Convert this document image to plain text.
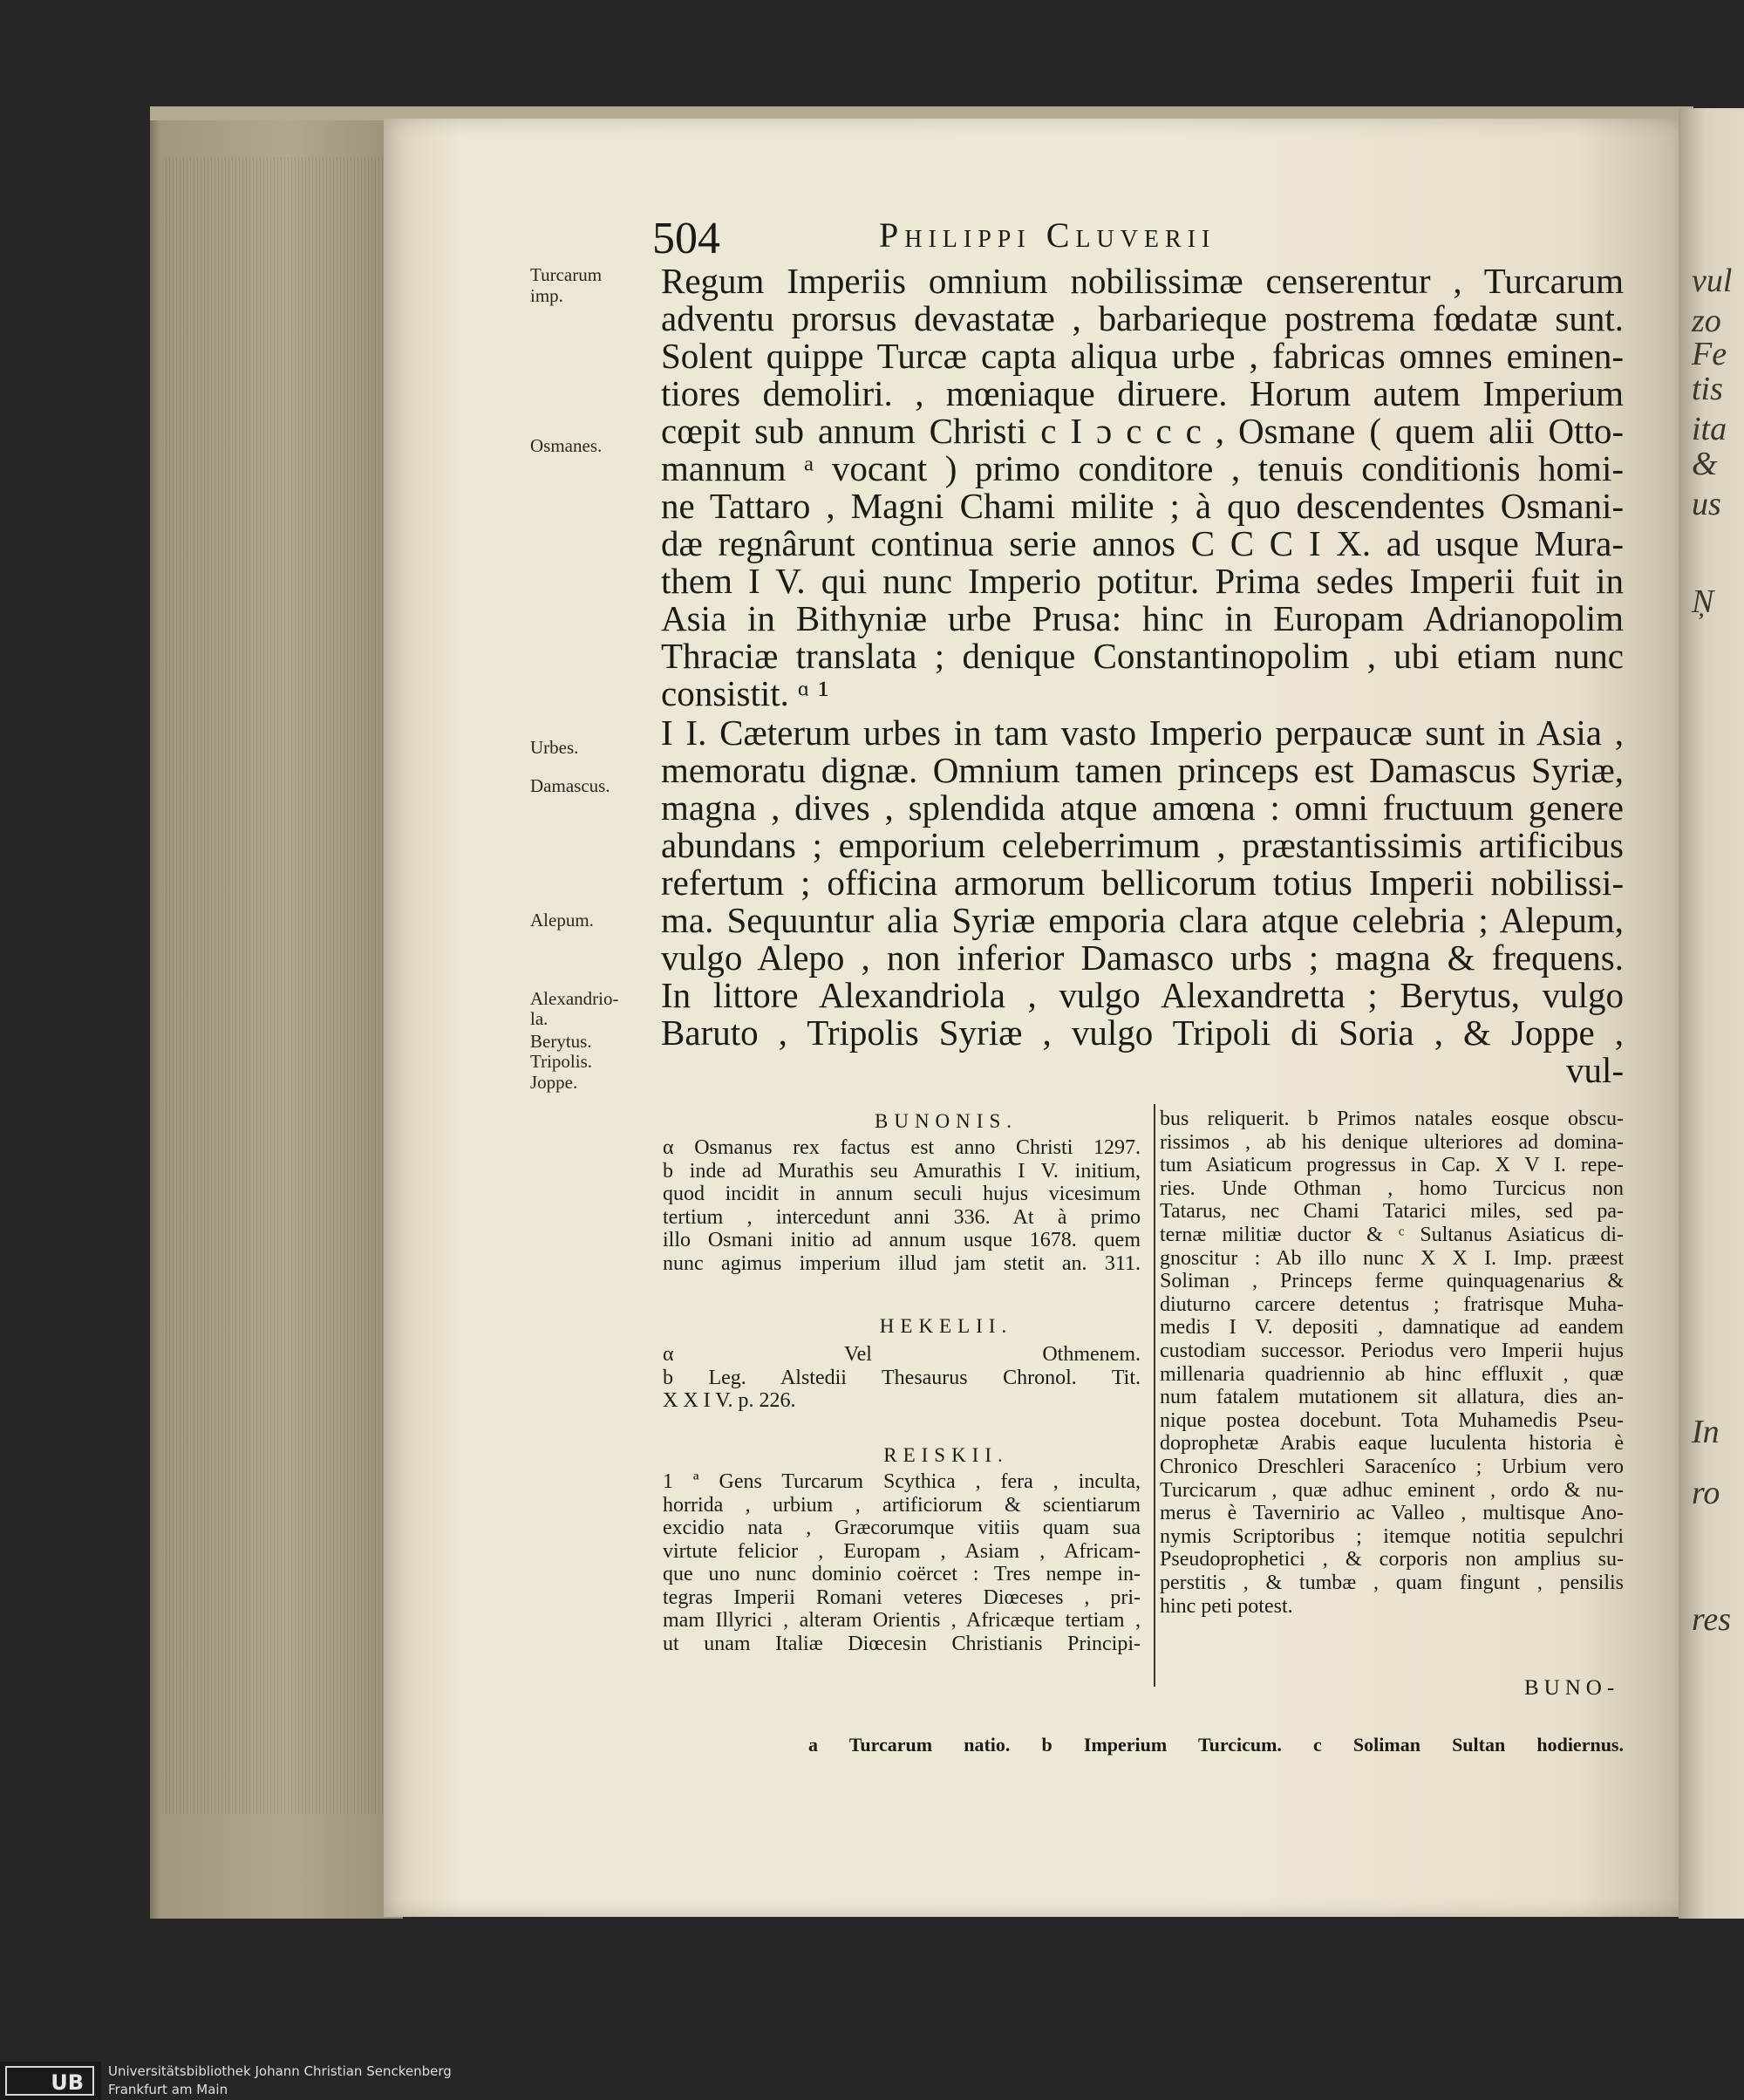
vul
zo
Fe
tis
ita
&
us
Ņ
In
ro
res
504	Philippi Cluverii
Turcarum
imp.
Osmanes.
Urbes.
Damascus.
Alepum.
Alexandrio-
la.
Berytus.
Tripolis.
Joppe.
Regum Imperiis omnium nobilissimæ censerentur , Turcarum
adventu prorsus devastatæ , barbarieque postrema fœdatæ sunt.
Solent quippe Turcæ capta aliqua urbe , fabricas omnes eminen-
tiores demoliri. , mœniaque diruere. Horum autem Imperium
cœpit sub annum Christi c I ɔ c c c , Osmane ( quem alii Otto-
mannum ᵃ vocant ) primo conditore , tenuis conditionis homi-
ne Tattaro , Magni Chami milite ; à quo descendentes Osmani-
dæ regnârunt continua serie annos C C C I X. ad usque Mura-
them I V. qui nunc Imperio potitur. Prima sedes Imperii fuit in
Asia in Bithyniæ urbe Prusa: hinc in Europam Adrianopolim
Thraciæ translata ; denique Constantinopolim , ubi etiam nunc
consistit. ᵅ ¹
I I. Cæterum urbes in tam vasto Imperio perpaucæ sunt in Asia ,
memoratu dignæ. Omnium tamen princeps est Damascus Syriæ,
magna , dives , splendida atque amœna : omni fructuum genere
abundans ; emporium celeberrimum , præstantissimis artificibus
refertum ; officina armorum bellicorum totius Imperii nobilissi-
ma. Sequuntur alia Syriæ emporia clara atque celebria ; Alepum,
vulgo Alepo , non inferior Damasco urbs ; magna & frequens.
In littore Alexandriola , vulgo Alexandretta ; Berytus, vulgo
Baruto , Tripolis Syriæ , vulgo Tripoli di Soria , & Joppe ,
vul-
BUNONIS.
α Osmanus rex factus est anno Christi 1297.
b inde ad Murathis seu Amurathis I V. initium,
quod incidit in annum seculi hujus vicesimum
tertium , intercedunt anni 336. At à primo
illo Osmani initio ad annum usque 1678. quem
nunc agimus imperium illud jam stetit an. 311.
HEKELII.
α Vel Othmenem.
b Leg. Alstedii Thesaurus Chronol. Tit.
X X I V. p. 226.
REISKII.
1 ª Gens Turcarum Scythica , fera , inculta,
horrida , urbium , artificiorum & scientiarum
excidio nata , Græcorumque vitiis quam sua
virtute felicior , Europam , Asiam , Africam-
que uno nunc dominio coërcet : Tres nempe in-
tegras Imperii Romani veteres Diœceses , pri-
mam Illyrici , alteram Orientis , Africæque tertiam ,
ut unam Italiæ Diœcesin Christianis Principi-
bus reliquerit. b Primos natales eosque obscu-
rissimos , ab his denique ulteriores ad domina-
tum Asiaticum progressus in Cap. X V I. repe-
ries. Unde Othman , homo Turcicus non
Tatarus, nec Chami Tatarici miles, sed pa-
ternæ militiæ ductor & ᶜ Sultanus Asiaticus di-
gnoscitur : Ab illo nunc X X I. Imp. præest
Soliman , Princeps ferme quinquagenarius &
diuturno carcere detentus ; fratrisque Muha-
medis I V. depositi , damnatique ad eandem
custodiam successor. Periodus vero Imperii hujus
millenaria quadriennio ab hinc effluxit , quæ
num fatalem mutationem sit allatura, dies an-
nique postea docebunt. Tota Muhamedis Pseu-
doprophetæ Arabis eaque luculenta historia è
Chronico Dreschleri Saraceníco ; Urbium vero
Turcicarum , quæ adhuc eminent , ordo & nu-
merus è Tavernirio ac Valleo , multisque Ano-
nymis Scriptoribus ; itemque notitia sepulchri
Pseudoprophetici , & corporis non amplius su-
perstitis , & tumbæ , quam fingunt , pensilis
hinc peti potest.
BUNO-
a Turcarum natio. b Imperium Turcicum. c Soliman Sultan hodiernus.
UB	Universitätsbibliothek Johann Christian Senckenberg
Frankfurt am Main
